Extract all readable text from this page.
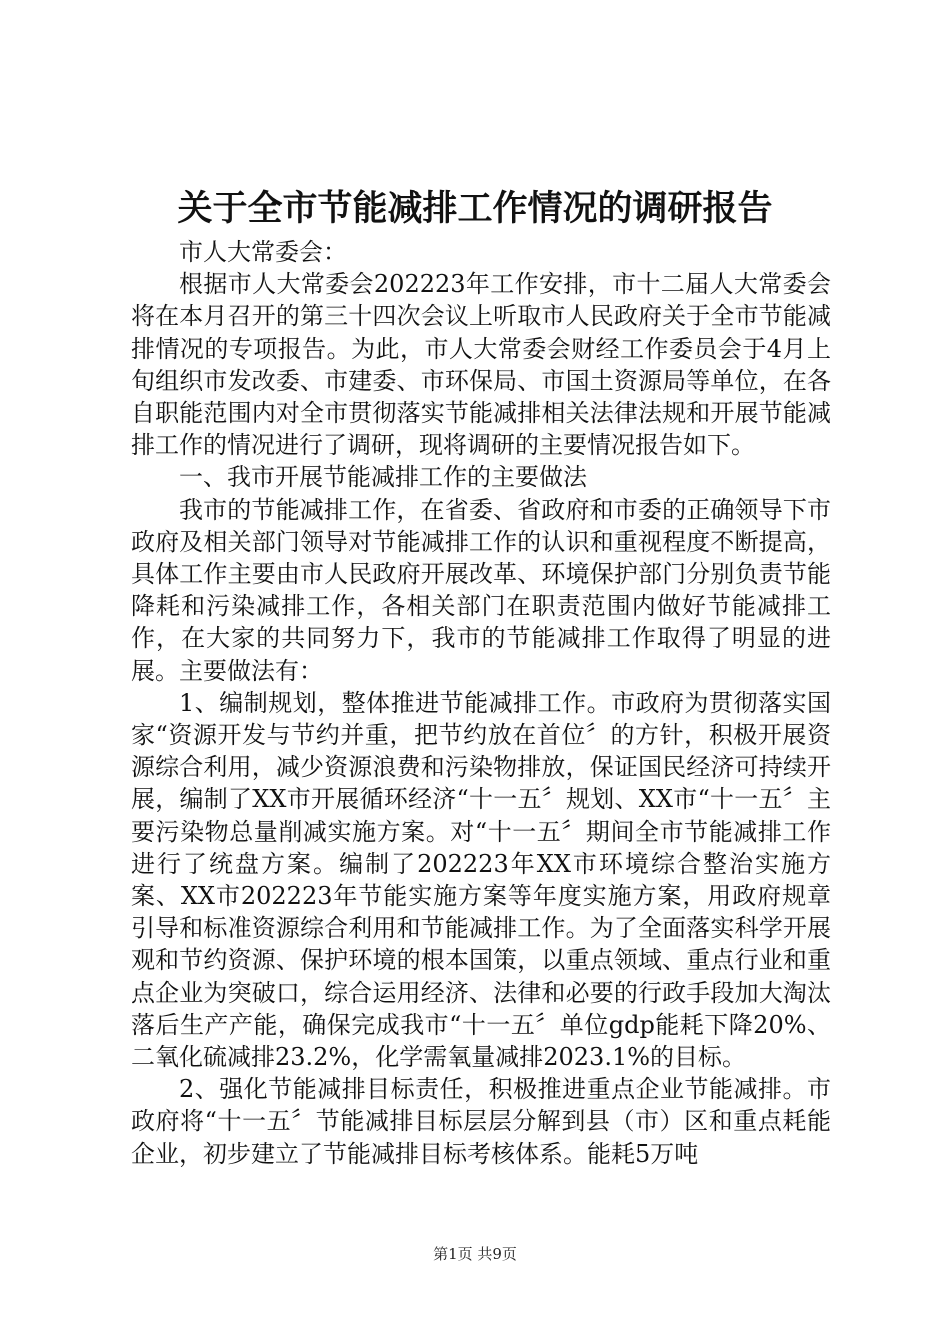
关于全市节能减排工作情况的调研报告

市人大常委会：

根据市人大常委会202223年工作安排，市十二届人大常委会将在本月召开的第三十四次会议上听取市人民政府关于全市节能减排情况的专项报告。为此，市人大常委会财经工作委员会于4月上旬组织市发改委、市建委、市环保局、市国土资源局等单位，在各自职能范围内对全市贯彻落实节能减排相关法律法规和开展节能减排工作的情况进行了调研，现将调研的主要情况报告如下。

一、我市开展节能减排工作的主要做法

我市的节能减排工作，在省委、省政府和市委的正确领导下市政府及相关部门领导对节能减排工作的认识和重视程度不断提高，具体工作主要由市人民政府开展改革、环境保护部门分别负责节能降耗和污染减排工作，各相关部门在职责范围内做好节能减排工作，在大家的共同努力下，我市的节能减排工作取得了明显的进展。主要做法有：

1、编制规划，整体推进节能减排工作。市政府为贯彻落实国家“资源开发与节约并重，把节约放在首位〞的方针，积极开展资源综合利用，减少资源浪费和污染物排放，保证国民经济可持续开展，编制了XX市开展循环经济“十一五〞规划、XX市“十一五〞主要污染物总量削减实施方案。对“十一五〞期间全市节能减排工作进行了统盘方案。编制了202223年XX市环境综合整治实施方案、XX市202223年节能实施方案等年度实施方案，用政府规章引导和标准资源综合利用和节能减排工作。为了全面落实科学开展观和节约资源、保护环境的根本国策，以重点领域、重点行业和重点企业为突破口，综合运用经济、法律和必要的行政手段加大淘汰落后生产产能，确保完成我市“十一五〞单位gdp能耗下降20%、二氧化硫减排23.2%，化学需氧量减排2023.1%的目标。

2、强化节能减排目标责任，积极推进重点企业节能减排。市政府将“十一五〞节能减排目标层层分解到县（市）区和重点耗能企业，初步建立了节能减排目标考核体系。能耗5万吨

第1页 共9页
